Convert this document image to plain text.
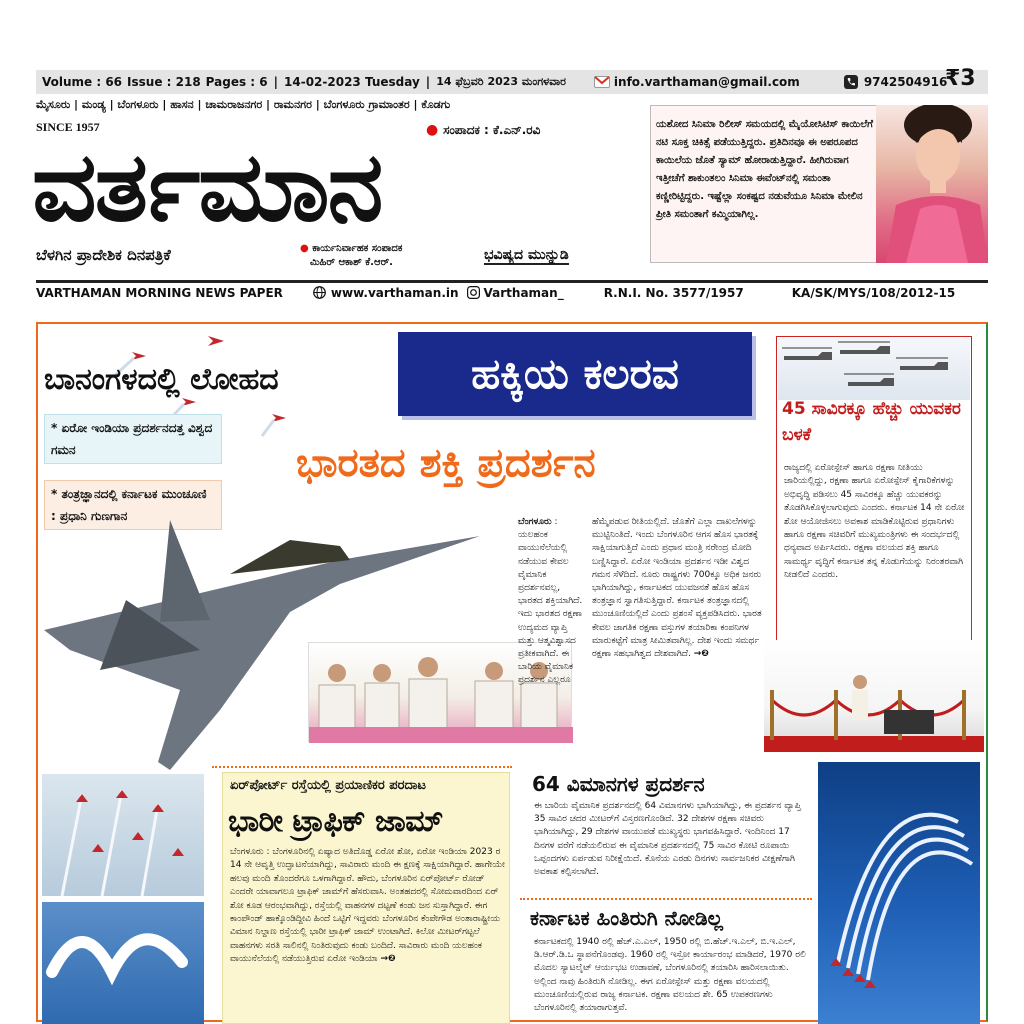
Volume : 66 Issue : 218 Pages : 6 | 14-02-2023 Tuesday | 14 ಫೆಬ್ರವರಿ 2023 ಮಂಗಳವಾರ	info.varthaman@gmail.com	9742504916
₹3
ಮೈಸೂರು | ಮಂಡ್ಯ | ಬೆಂಗಳೂರು | ಹಾಸನ | ಚಾಮರಾಜನಗರ | ರಾಮನಗರ | ಬೆಂಗಳೂರು ಗ್ರಾಮಾಂತರ | ಕೊಡಗು
SINCE 1957	● ಸಂಪಾದಕ : ಕೆ.ಎನ್.ರವಿ
ವರ್ತಮಾನ
ಬೆಳಗಿನ ಪ್ರಾದೇಶಿಕ ದಿನಪತ್ರಿಕೆ	● ಕಾರ್ಯನಿರ್ವಾಹಕ ಸಂಪಾದಕ
ಮಿಹಿರ್ ಆಕಾಶ್ ಕೆ.ಆರ್.	ಭವಿಷ್ಯದ ಮುನ್ನುಡಿ
ಯಶೋದ ಸಿನಿಮಾ ರಿಲೀಸ್ ಸಮಯದಲ್ಲಿ ಮೈಯೋಸಿಟಿಸ್ ಕಾಯಿಲೆಗೆ ನಟಿ ಸೂಕ್ತ ಚಿಕಿತ್ಸೆ ಪಡೆಯುತ್ತಿದ್ದರು. ಪ್ರತಿದಿನವೂ ಈ ಅಪರೂಪದ ಕಾಯಿಲೆಯ ಜೊತೆ ಸ್ಯಾಮ್ ಹೋರಾಡುತ್ತಿದ್ದಾರೆ. ಹೀಗಿರುವಾಗ ಇತ್ತೀಚೆಗೆ ಶಾಕುಂತಲಂ ಸಿನಿಮಾ ಈವೆಂಟ್‌ನಲ್ಲಿ ಸಮಂತಾ ಕಣ್ಣೀರಿಟ್ಟಿದ್ದರು. ಇಷ್ಟೆಲ್ಲಾ ಸಂಕಷ್ಟದ ನಡುವೆಯೂ ಸಿನಿಮಾ ಮೇಲಿನ ಪ್ರೀತಿ ಸಮಂತಾಗೆ ಕಮ್ಮಿಯಾಗಿಲ್ಲ.
VARTHAMAN MORNING NEWS PAPER	www.varthaman.in Varthaman_	R.N.I. No. 3577/1957	KA/SK/MYS/108/2012-15
ಬಾನಂಗಳದಲ್ಲಿ ಲೋಹದ	ಹಕ್ಕಿಯ ಕಲರವ
ಭಾರತದ ಶಕ್ತಿ ಪ್ರದರ್ಶನ
* ಏರೋ ಇಂಡಿಯಾ ಪ್ರದರ್ಶನದತ್ತ ವಿಶ್ವದ ಗಮನ
* ತಂತ್ರಜ್ಞಾನದಲ್ಲಿ ಕರ್ನಾಟಕ ಮುಂಚೂಣಿ : ಪ್ರಧಾನಿ ಗುಣಗಾನ	ಬೆಂಗಳೂರು : ಯಲಹಂಕ ವಾಯುನೆಲೆಯಲ್ಲಿ ನಡೆಯುವ ಕೇವಲ ವೈಮಾನಿಕ ಪ್ರದರ್ಶನವಲ್ಲ, ಭಾರತದ ಶಕ್ತಿಯಾಗಿದೆ. ಇದು ಭಾರತದ ರಕ್ಷಣಾ ಉದ್ಯಮದ ವ್ಯಾಪ್ತಿ ಮತ್ತು ಆತ್ಮವಿಶ್ವಾಸದ ಪ್ರತೀಕವಾಗಿದೆ. ಈ ಬಾರಿಯ ವೈಮಾನಿಕ ಪ್ರದರ್ಶನ ಎಲ್ಲರೂ
ಹೆಮ್ಮೆಪಡುವ ರೀತಿಯಲ್ಲಿದೆ. ಜೊತೆಗೆ ಎಲ್ಲಾ ದಾಖಲೆಗಳನ್ನು ಮುಟ್ಟಿನಿಂತಿದೆ. ಇಂದು ಬೆಂಗಳೂರಿನ ಆಗಸ ಹೊಸ ಭಾರತಕ್ಕೆ ಸಾಕ್ಷಿಯಾಗುತ್ತಿದೆ ಎಂದು ಪ್ರಧಾನ ಮಂತ್ರಿ ನರೇಂದ್ರ ಮೋದಿ ಬಣ್ಣಿಸಿದ್ದಾರೆ. ಏರೋ ಇಂಡಿಯಾ ಪ್ರದರ್ಶನ ಇಡೀ ವಿಶ್ವದ ಗಮನ ಸೆಳೆದಿದೆ. ನೂರು ರಾಷ್ಟ್ರಗಳು 700ಕ್ಕೂ ಅಧಿಕ ಜನರು ಭಾಗಿಯಾಗಿದ್ದು, ಕರ್ನಾಟಕದ ಯುವಜನತೆ ಹೊಸ ಹೊಸ ತಂತ್ರಜ್ಞಾನ ಸ್ವಾಗತಿಸುತ್ತಿದ್ದಾರೆ. ಕರ್ನಾಟಕ ತಂತ್ರಜ್ಞಾನದಲ್ಲಿ ಮುಂಚೂಣಿಯಲ್ಲಿದೆ ಎಂದು ಪ್ರಶಂಸೆ ವ್ಯಕ್ತಪಡಿಸಿದರು. ಭಾರತ ಕೇವಲ ಜಾಗತಿಕ ರಕ್ಷಣಾ ವಸ್ತುಗಳ ತಯಾರಿಕಾ ಕಂಪನಿಗಳ ಮಾರುಕಟ್ಟೆಗೆ ಮಾತ್ರ ಸೀಮಿತವಾಗಿಲ್ಲ. ದೇಶ ಇಂದು ಸಮರ್ಥ ರಕ್ಷಣಾ ಸಹಭಾಗಿತ್ವದ ದೇಶವಾಗಿದೆ. →❷
45 ಸಾವಿರಕ್ಕೂ ಹೆಚ್ಚು ಯುವಕರ ಬಳಕೆ
ರಾಜ್ಯದಲ್ಲಿ ಏರೋಸ್ಪೇಸ್ ಹಾಗೂ ರಕ್ಷಣಾ ನೀತಿಯು ಜಾರಿಯಲ್ಲಿದ್ದು, ರಕ್ಷಣಾ ಹಾಗೂ ಏರೋಸ್ಪೇಸ್ ಕೈಗಾರಿಕೆಗಳನ್ನು ಅಭಿವೃದ್ಧಿ ಪಡಿಸಲು 45 ಸಾವಿರಕ್ಕೂ ಹೆಚ್ಚು ಯುವಕರನ್ನು ತೊಡಗಿಸಿಕೊಳ್ಳಲಾಗುವುದು ಎಂದರು. ಕರ್ನಾಟಕ 14 ನೇ ಏರೋ ಶೋ ಆಯೋಜಿಸಲು ಅವಕಾಶ ಮಾಡಿಕೊಟ್ಟಿರುವ ಪ್ರಧಾನಿಗಳು ಹಾಗೂ ರಕ್ಷಣಾ ಸಚಿವರಿಗೆ ಮುಖ್ಯಮಂತ್ರಿಗಳು ಈ ಸಂದರ್ಭದಲ್ಲಿ ಧನ್ಯವಾದ ಅರ್ಪಿಸಿದರು. ರಕ್ಷಣಾ ವಲಯದ ಶಕ್ತಿ ಹಾಗೂ ಸಾಮರ್ಥ್ಯ ವೃದ್ಧಿಗೆ ಕರ್ನಾಟಕ ತನ್ನ ಕೊಡುಗೆಯನ್ನು ನಿರಂತರವಾಗಿ ನೀಡಲಿದೆ ಎಂದರು.
ಏರ್‌ಪೋರ್ಟ್ ರಸ್ತೆಯಲ್ಲಿ ಪ್ರಯಾಣಿಕರ ಪರದಾಟ
ಭಾರೀ ಟ್ರಾಫಿಕ್ ಜಾಮ್
ಬೆಂಗಳೂರು : ಬೆಂಗಳೂರಿನಲ್ಲಿ ಏಷ್ಯಾದ ಅತಿದೊಡ್ಡ ಏರೋ ಶೋ, ಏರೋ ಇಂಡಿಯಾ 2023 ರ 14 ನೇ ಆವೃತ್ತಿ ಉದ್ಘಾಟನೆಯಾಗಿದ್ದು, ಸಾವಿರಾರು ಮಂದಿ ಈ ಕ್ಷಣಕ್ಕೆ ಸಾಕ್ಷಿಯಾಗಿದ್ದಾರೆ. ಹಾಗೇಯೇ ಹಲವು ಮಂದಿ ತೊಂದರೆಗೂ ಒಳಗಾಗಿದ್ದಾರೆ. ಹೌದು, ಬೆಂಗಳೂರಿನ ಏರ್‌ಪೋರ್ಟ್ ರೋಡ್ ಎಂದರೇ ಯಾವಾಗಲೂ ಟ್ರಾಫಿಕ್ ಜಾಮ್‌ಗೆ ಹೆಸರುವಾಸಿ. ಅಂತಹದರಲ್ಲಿ ಸೋಮವಾರದಿಂದ ಏರ್ ಶೋ ಕೂಡ ಆರಂಭವಾಗಿದ್ದು, ರಸ್ತೆಯಲ್ಲಿ ವಾಹನಗಳ ದಟ್ಟಣೆ ಕಂಡು ಜನ ಸುಸ್ತಾಗಿದ್ದಾರೆ. ಈಗ ಕಾಂಪೌಂಡ್ ಹಾಕ್ಕೊಂಡಿದ್ದೀವಿ ಹಿಂದೆ ಒಟ್ಟಿಗೆ ಇದ್ದವರು ಬೆಂಗಳೂರಿನ ಕೆಂಪೇಗೌಡ ಅಂತಾರಾಷ್ಟ್ರೀಯ ವಿಮಾನ ನಿಲ್ದಾಣ ರಸ್ತೆಯಲ್ಲಿ ಭಾರೀ ಟ್ರಾಫಿಕ್ ಜಾಮ್ ಉಂಟಾಗಿದೆ. ಕಿಲೋ ಮೀಟರ್‌ಗಟ್ಟಲೆ ವಾಹನಗಳು ಸರತಿ ಸಾಲಿನಲ್ಲಿ ನಿಂತಿರುವುದು ಕಂಡು ಬಂದಿದೆ. ಸಾವಿರಾರು ಮಂದಿ ಯಲಹಂಕ ವಾಯುನೆಲೆಯಲ್ಲಿ ನಡೆಯುತ್ತಿರುವ ಏರೋ ಇಂಡಿಯಾ →❷
64 ವಿಮಾನಗಳ ಪ್ರದರ್ಶನ
ಈ ಬಾರಿಯ ವೈಮಾನಿಕ ಪ್ರದರ್ಶನದಲ್ಲಿ 64 ವಿಮಾನಗಳು ಭಾಗಿಯಾಗಿದ್ದು, ಈ ಪ್ರದರ್ಶನ ವ್ಯಾಪ್ತಿ 35 ಸಾವಿರ ಚದರ ಮೀಟರ್‌ಗೆ ವಿಸ್ತರಣಗೊಂಡಿದೆ. 32 ದೇಶಗಳ ರಕ್ಷಣಾ ಸಚಿವರು ಭಾಗಿಯಾಗಿದ್ದು, 29 ದೇಶಗಳ ವಾಯುಪಡೆ ಮುಖ್ಯಸ್ಥರು ಭಾಗವಹಿಸಿದ್ದಾರೆ. ಇಂದಿನಿಂದ 17 ದಿನಗಳ ವರೆಗೆ ನಡೆಯಲಿರುವ ಈ ವೈಮಾನಿಕ ಪ್ರದರ್ಶನದಲ್ಲಿ 75 ಸಾವಿರ ಕೋಟಿ ರೂಪಾಯಿ ಒಪ್ಪಂದಗಳು ಏರ್ಪಡುವ ನಿರೀಕ್ಷೆಯಿದೆ. ಕೊನೆಯ ಎರಡು ದಿನಗಳು ಸಾರ್ವಜನಿಕರ ವೀಕ್ಷಣೆಗಾಗಿ ಅವಕಾಶ ಕಲ್ಪಿಸಲಾಗಿದೆ.
ಕರ್ನಾಟಕ ಹಿಂತಿರುಗಿ ನೋಡಿಲ್ಲ
ಕರ್ನಾಟಕದಲ್ಲಿ 1940 ರಲ್ಲಿ ಹೆಚ್.ಎ.ಎಲ್, 1950 ರಲ್ಲಿ ಬಿ.ಹೆಚ್.ಇ.ಎಲ್, ಬಿ.ಇ.ಎಲ್, ಡಿ.ಆರ್.ಡಿ.ಒ ಸ್ಥಾಪನೆಗೊಂಡವು. 1960 ರಲ್ಲಿ ಇಸ್ರೋ ಕಾರ್ಯಾರಂಭ ಮಾಡಿದರೆ, 1970 ರಲಿ ಮೊದಲ ಸ್ಯಾಟಲೈಟ್ ಆರ್ಯಭಟ ಉಡಾವಣೆ, ಬೆಂಗಳೂರಿನಲ್ಲಿ ತಯಾರಿಸಿ ಹಾರಿಸಲಾಯಿತು. ಅಲ್ಲಿಂದ ನಾವು ಹಿಂತಿರುಗಿ ನೋಡಿಲ್ಲ. ಈಗ ಏರೋಸ್ಪೇಸ್ ಮತ್ತು ರಕ್ಷಣಾ ವಲಯದಲ್ಲಿ ಮುಂಚೂಣಿಯಲ್ಲಿರುವ ರಾಜ್ಯ ಕರ್ನಾಟಕ. ರಕ್ಷಣಾ ವಲಯದ ಶೇ. 65 ಉಪಕರಣಗಳು ಬೆಂಗಳೂರಿನಲ್ಲಿ ತಯಾರಾಗುತ್ತವೆ.
